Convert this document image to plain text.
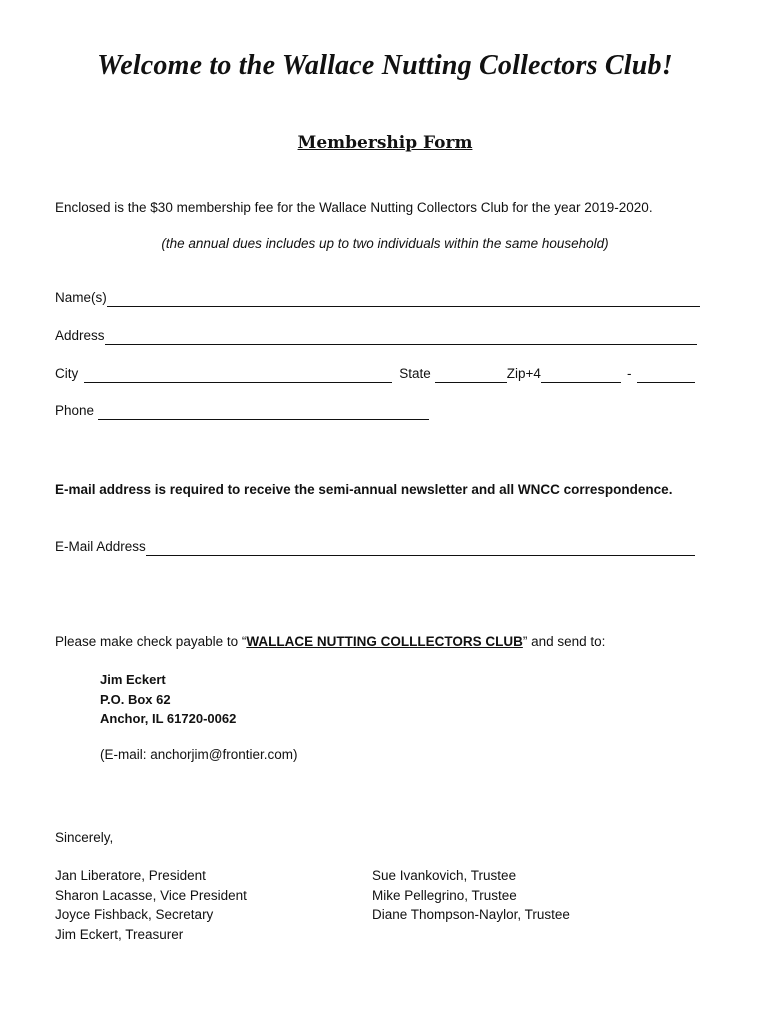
Welcome to the Wallace Nutting Collectors Club!
Membership Form
Enclosed is the $30 membership fee for the Wallace Nutting Collectors Club for the year 2019-2020.
(the annual dues includes up to two individuals within the same household)
Name(s)
Address
City	State	Zip+4	-
Phone
E-mail address is required to receive the semi-annual newsletter and all WNCC correspondence.
E-Mail Address
Please make check payable to “WALLACE NUTTING COLLLECTORS CLUB” and send to:
Jim Eckert
P.O. Box 62
Anchor, IL 61720-0062
(E-mail: anchorjim@frontier.com)
Sincerely,
Jan Liberatore, President
Sharon Lacasse, Vice President
Joyce Fishback, Secretary
Jim Eckert, Treasurer
Sue Ivankovich, Trustee
Mike Pellegrino, Trustee
Diane Thompson-Naylor, Trustee
